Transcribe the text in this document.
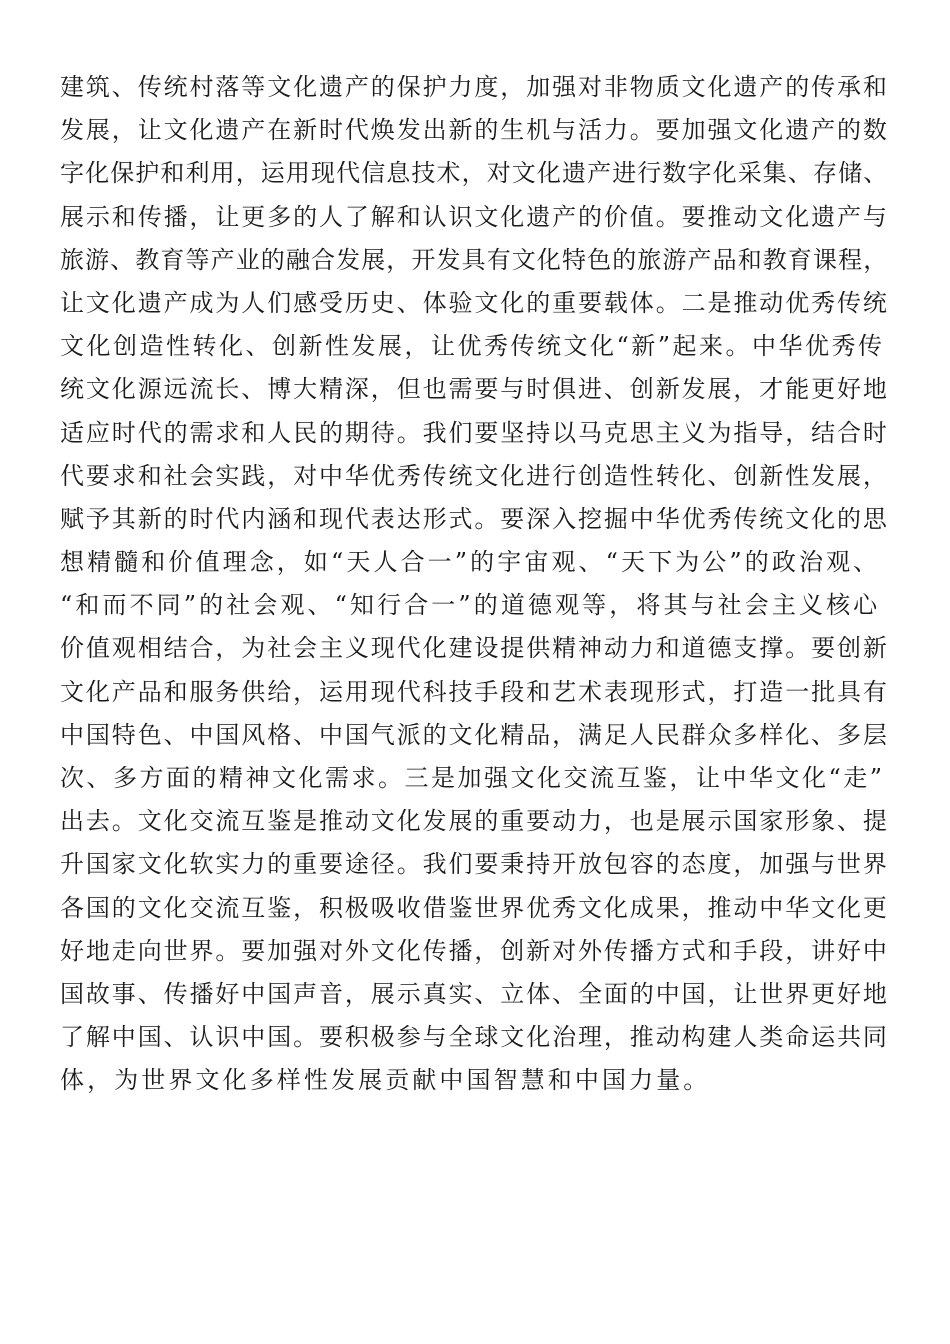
建筑、传统村落等文化遗产的保护力度，加强对非物质文化遗产的传承和
发展，让文化遗产在新时代焕发出新的生机与活力。要加强文化遗产的数
字化保护和利用，运用现代信息技术，对文化遗产进行数字化采集、存储、
展示和传播，让更多的人了解和认识文化遗产的价值。要推动文化遗产与
旅游、教育等产业的融合发展，开发具有文化特色的旅游产品和教育课程，
让文化遗产成为人们感受历史、体验文化的重要载体。二是推动优秀传统
文化创造性转化、创新性发展，让优秀传统文化“新”起来。中华优秀传
统文化源远流长、博大精深，但也需要与时俱进、创新发展，才能更好地
适应时代的需求和人民的期待。我们要坚持以马克思主义为指导，结合时
代要求和社会实践，对中华优秀传统文化进行创造性转化、创新性发展，
赋予其新的时代内涵和现代表达形式。要深入挖掘中华优秀传统文化的思
想精髓和价值理念，如“天人合一”的宇宙观、“天下为公”的政治观、
“和而不同”的社会观、“知行合一”的道德观等，将其与社会主义核心
价值观相结合，为社会主义现代化建设提供精神动力和道德支撑。要创新
文化产品和服务供给，运用现代科技手段和艺术表现形式，打造一批具有
中国特色、中国风格、中国气派的文化精品，满足人民群众多样化、多层
次、多方面的精神文化需求。三是加强文化交流互鉴，让中华文化“走”
出去。文化交流互鉴是推动文化发展的重要动力，也是展示国家形象、提
升国家文化软实力的重要途径。我们要秉持开放包容的态度，加强与世界
各国的文化交流互鉴，积极吸收借鉴世界优秀文化成果，推动中华文化更
好地走向世界。要加强对外文化传播，创新对外传播方式和手段，讲好中
国故事、传播好中国声音，展示真实、立体、全面的中国，让世界更好地
了解中国、认识中国。要积极参与全球文化治理，推动构建人类命运共同
体，为世界文化多样性发展贡献中国智慧和中国力量。
